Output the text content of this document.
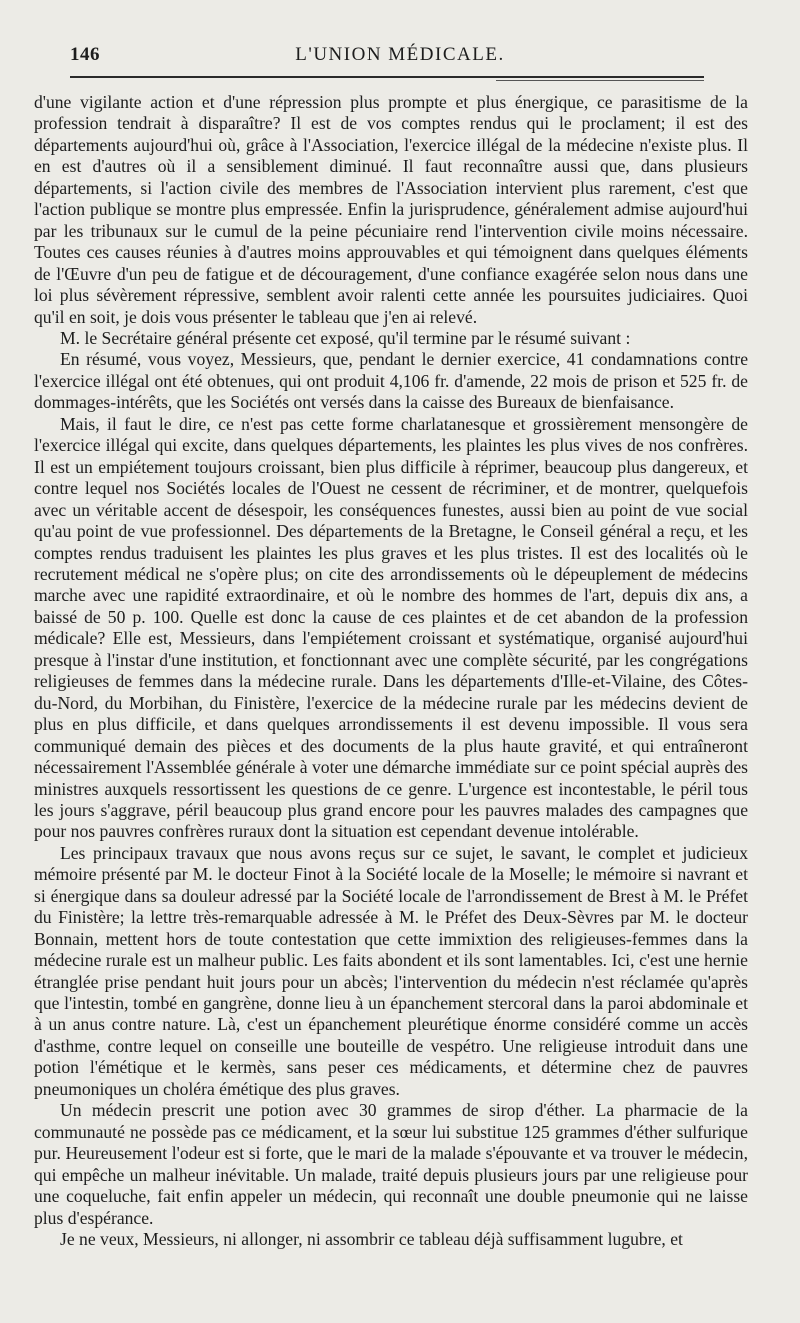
146	L'UNION MÉDICALE.

d'une vigilante action et d'une répression plus prompte et plus énergique, ce parasitisme de la profession tendrait à disparaître? Il est de vos comptes rendus qui le proclament; il est des départements aujourd'hui où, grâce à l'Association, l'exercice illégal de la médecine n'existe plus. Il en est d'autres où il a sensiblement diminué. Il faut reconnaître aussi que, dans plusieurs départements, si l'action civile des membres de l'Association intervient plus rarement, c'est que l'action publique se montre plus empressée. Enfin la jurisprudence, généralement admise aujourd'hui par les tribunaux sur le cumul de la peine pécuniaire rend l'intervention civile moins nécessaire. Toutes ces causes réunies à d'autres moins approuvables et qui témoignent dans quelques éléments de l'Œuvre d'un peu de fatigue et de découragement, d'une confiance exagérée selon nous dans une loi plus sévèrement répressive, semblent avoir ralenti cette année les poursuites judiciaires. Quoi qu'il en soit, je dois vous présenter le tableau que j'en ai relevé.

M. le Secrétaire général présente cet exposé, qu'il termine par le résumé suivant :

En résumé, vous voyez, Messieurs, que, pendant le dernier exercice, 41 condamnations contre l'exercice illégal ont été obtenues, qui ont produit 4,106 fr. d'amende, 22 mois de prison et 525 fr. de dommages-intérêts, que les Sociétés ont versés dans la caisse des Bureaux de bienfaisance.

Mais, il faut le dire, ce n'est pas cette forme charlatanesque et grossièrement mensongère de l'exercice illégal qui excite, dans quelques départements, les plaintes les plus vives de nos confrères. Il est un empiétement toujours croissant, bien plus difficile à réprimer, beaucoup plus dangereux, et contre lequel nos Sociétés locales de l'Ouest ne cessent de récriminer, et de montrer, quelquefois avec un véritable accent de désespoir, les conséquences funestes, aussi bien au point de vue social qu'au point de vue professionnel. Des départements de la Bretagne, le Conseil général a reçu, et les comptes rendus traduisent les plaintes les plus graves et les plus tristes. Il est des localités où le recrutement médical ne s'opère plus; on cite des arrondissements où le dépeuplement de médecins marche avec une rapidité extraordinaire, et où le nombre des hommes de l'art, depuis dix ans, a baissé de 50 p. 100. Quelle est donc la cause de ces plaintes et de cet abandon de la profession médicale? Elle est, Messieurs, dans l'empiétement croissant et systématique, organisé aujourd'hui presque à l'instar d'une institution, et fonctionnant avec une complète sécurité, par les congrégations religieuses de femmes dans la médecine rurale. Dans les départements d'Ille-et-Vilaine, des Côtes-du-Nord, du Morbihan, du Finistère, l'exercice de la médecine rurale par les médecins devient de plus en plus difficile, et dans quelques arrondissements il est devenu impossible. Il vous sera communiqué demain des pièces et des documents de la plus haute gravité, et qui entraîneront nécessairement l'Assemblée générale à voter une démarche immédiate sur ce point spécial auprès des ministres auxquels ressortissent les questions de ce genre. L'urgence est incontestable, le péril tous les jours s'aggrave, péril beaucoup plus grand encore pour les pauvres malades des campagnes que pour nos pauvres confrères ruraux dont la situation est cependant devenue intolérable.

Les principaux travaux que nous avons reçus sur ce sujet, le savant, le complet et judicieux mémoire présenté par M. le docteur Finot à la Société locale de la Moselle; le mémoire si navrant et si énergique dans sa douleur adressé par la Société locale de l'arrondissement de Brest à M. le Préfet du Finistère; la lettre très-remarquable adressée à M. le Préfet des Deux-Sèvres par M. le docteur Bonnain, mettent hors de toute contestation que cette immixtion des religieuses-femmes dans la médecine rurale est un malheur public. Les faits abondent et ils sont lamentables. Ici, c'est une hernie étranglée prise pendant huit jours pour un abcès; l'intervention du médecin n'est réclamée qu'après que l'intestin, tombé en gangrène, donne lieu à un épanchement stercoral dans la paroi abdominale et à un anus contre nature. Là, c'est un épanchement pleurétique énorme considéré comme un accès d'asthme, contre lequel on conseille une bouteille de vespétro. Une religieuse introduit dans une potion l'émétique et le kermès, sans peser ces médicaments, et détermine chez de pauvres pneumoniques un choléra émétique des plus graves.

Un médecin prescrit une potion avec 30 grammes de sirop d'éther. La pharmacie de la communauté ne possède pas ce médicament, et la sœur lui substitue 125 grammes d'éther sulfurique pur. Heureusement l'odeur est si forte, que le mari de la malade s'épouvante et va trouver le médecin, qui empêche un malheur inévitable. Un malade, traité depuis plusieurs jours par une religieuse pour une coqueluche, fait enfin appeler un médecin, qui reconnaît une double pneumonie qui ne laisse plus d'espérance.

Je ne veux, Messieurs, ni allonger, ni assombrir ce tableau déjà suffisamment lugubre, et
